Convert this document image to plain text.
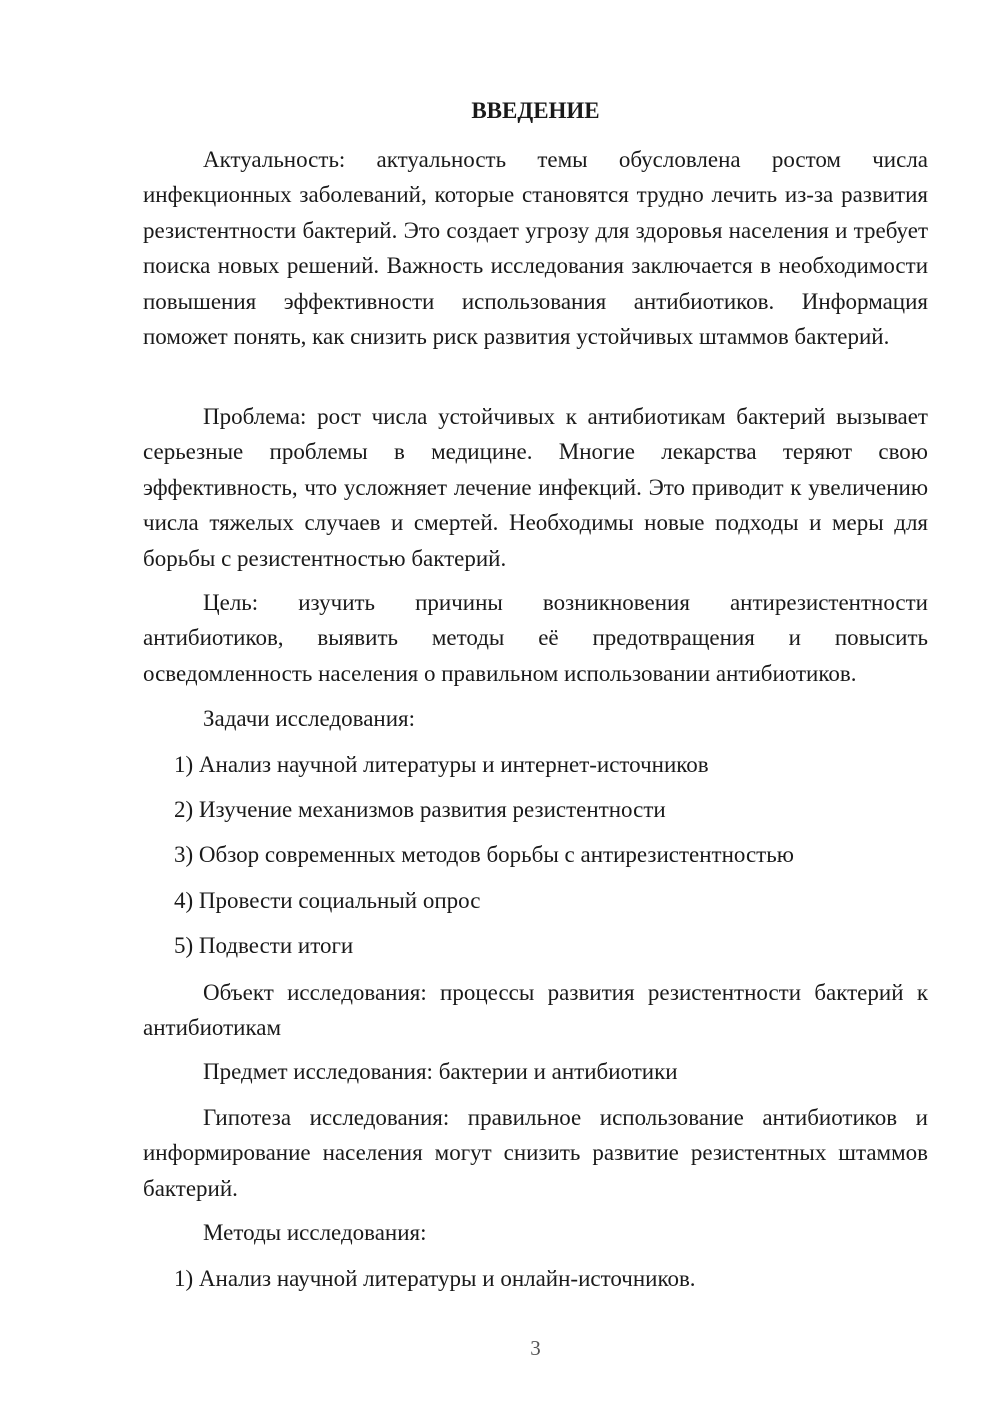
ВВЕДЕНИЕ

Актуальность: актуальность темы обусловлена ростом числа инфекционных заболеваний, которые становятся трудно лечить из-за развития резистентности бактерий. Это создает угрозу для здоровья населения и требует поиска новых решений. Важность исследования заключается в необходимости повышения эффективности использования антибиотиков. Информация поможет понять, как снизить риск развития устойчивых штаммов бактерий.

Проблема: рост числа устойчивых к антибиотикам бактерий вызывает серьезные проблемы в медицине. Многие лекарства теряют свою эффективность, что усложняет лечение инфекций. Это приводит к увеличению числа тяжелых случаев и смертей. Необходимы новые подходы и меры для борьбы с резистентностью бактерий.

Цель: изучить причины возникновения антирезистентности антибиотиков, выявить методы её предотвращения и повысить осведомленность населения о правильном использовании антибиотиков.

Задачи исследования:

1) Анализ научной литературы и интернет-источников

2) Изучение механизмов развития резистентности

3) Обзор современных методов борьбы с антирезистентностью

4) Провести социальный опрос

5) Подвести итоги

Объект исследования: процессы развития резистентности бактерий к антибиотикам

Предмет исследования: бактерии и антибиотики

Гипотеза исследования: правильное использование антибиотиков и информирование населения могут снизить развитие резистентных штаммов бактерий.

Методы исследования:

1) Анализ научной литературы и онлайн-источников.

3
